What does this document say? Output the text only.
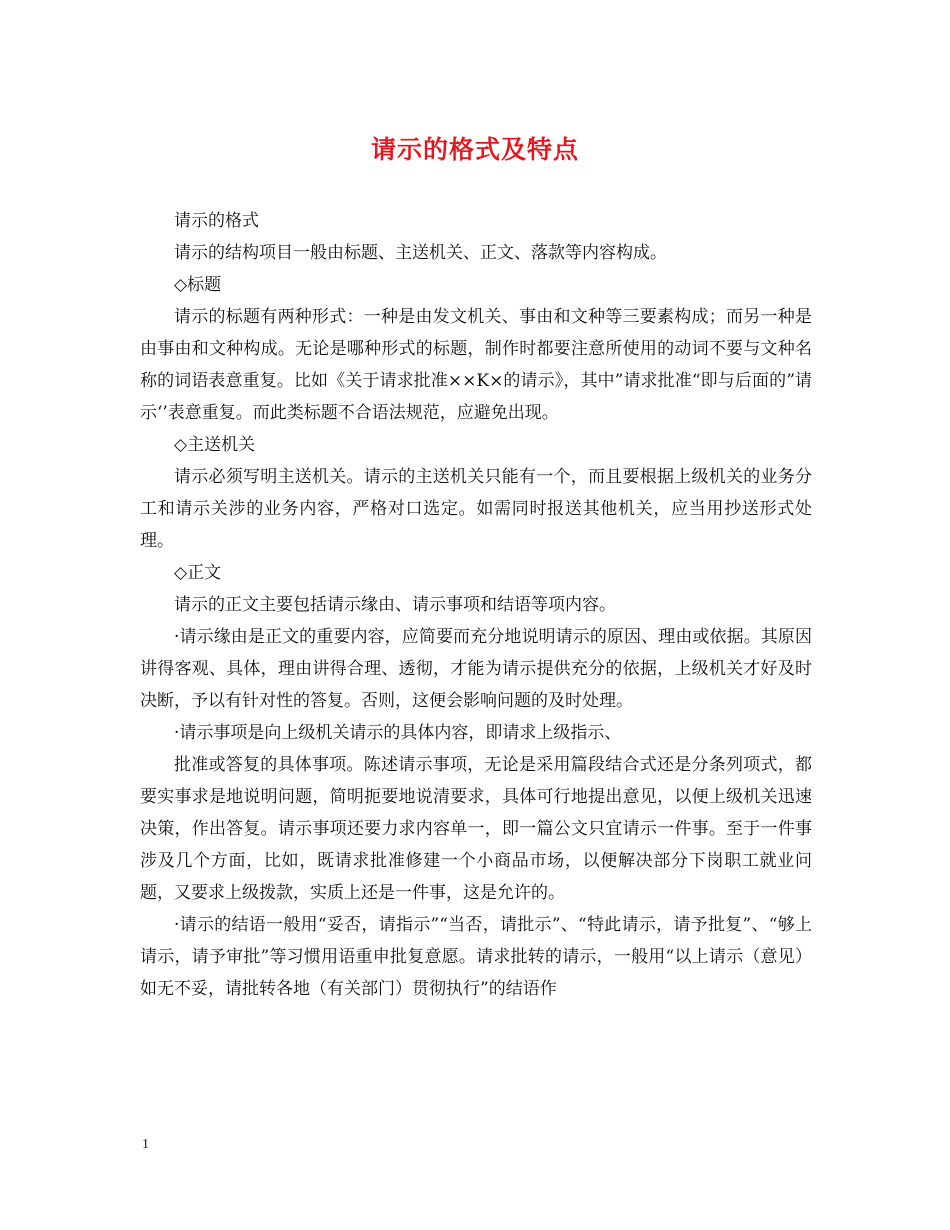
请示的格式及特点

请示的格式

请示的结构项目一般由标题、主送机关、正文、落款等内容构成。

◇标题

请示的标题有两种形式：一种是由发文机关、事由和文种等三要素构成；而另一种是由事由和文种构成。无论是哪种形式的标题，制作时都要注意所使用的动词不要与文种名称的词语表意重复。比如《关于请求批准××K×的请示》，其中”请求批准“即与后面的”请示‘’表意重复。而此类标题不合语法规范，应避免出现。

◇主送机关

请示必须写明主送机关。请示的主送机关只能有一个，而且要根据上级机关的业务分工和请示关涉的业务内容，严格对口选定。如需同时报送其他机关，应当用抄送形式处理。

◇正文

请示的正文主要包括请示缘由、请示事项和结语等项内容。

·请示缘由是正文的重要内容，应简要而充分地说明请示的原因、理由或依据。其原因讲得客观、具体，理由讲得合理、透彻，才能为请示提供充分的依据，上级机关才好及时决断，予以有针对性的答复。否则，这便会影响问题的及时处理。

·请示事项是向上级机关请示的具体内容，即请求上级指示、

批准或答复的具体事项。陈述请示事项，无论是采用篇段结合式还是分条列项式，都要实事求是地说明问题，简明扼要地说清要求，具体可行地提出意见，以便上级机关迅速决策，作出答复。请示事项还要力求内容单一，即一篇公文只宜请示一件事。至于一件事涉及几个方面，比如，既请求批准修建一个小商品市场，以便解决部分下岗职工就业问题，又要求上级拨款，实质上还是一件事，这是允许的。

·请示的结语一般用“妥否，请指示”“当否，请批示”、“特此请示，请予批复”、“够上请示，请予审批”等习惯用语重申批复意愿。请求批转的请示，一般用“以上请示（意见）如无不妥，请批转各地（有关部门）贯彻执行”的结语作

1
